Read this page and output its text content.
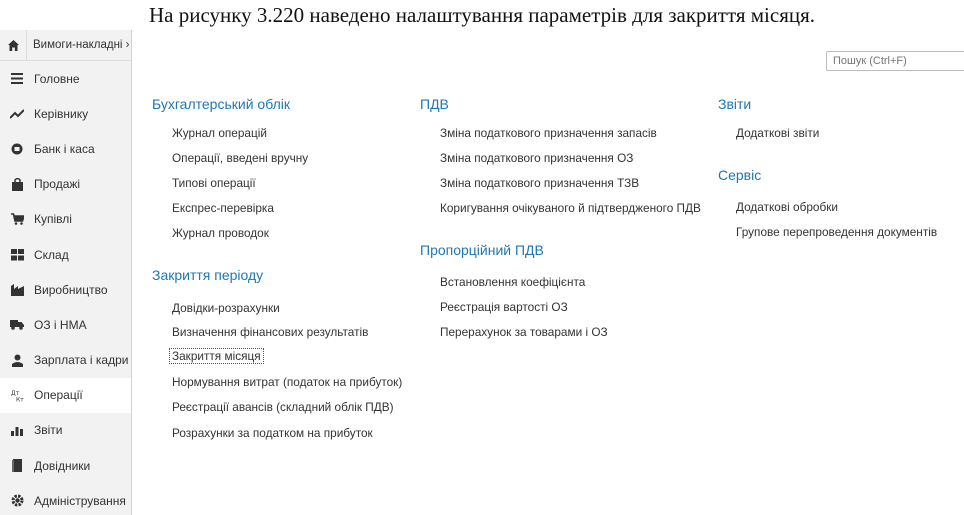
На рисунку 3.220 наведено налаштування параметрів для закриття місяця.
Вимоги-накладні ›
Головне
Керівнику
Банк і каса
Продажі
Купівлі
Склад
Виробництво
ОЗ і НМА
Зарплата і кадри
Дт
Кт Операції
Звіти
Довідники
Адміністрування
Пошук (Ctrl+F)
Бухгалтерський облік
Журнал операцій
Операції, введені вручну
Типові операції
Експрес-перевірка
Журнал проводок
Закриття періоду
Довідки-розрахунки
Визначення фінансових результатів
Закриття місяця
Нормування витрат (податок на прибуток)
Реєстрації авансів (складний облік ПДВ)
Розрахунки за податком на прибуток
ПДВ
Зміна податкового призначення запасів
Зміна податкового призначення ОЗ
Зміна податкового призначення ТЗВ
Коригування очікуваного й підтвердженого ПДВ
Пропорційний ПДВ
Встановлення коефіцієнта
Реєстрація вартості ОЗ
Перерахунок за товарами і ОЗ
Звіти
Додаткові звіти
Сервіс
Додаткові обробки
Групове перепроведення документів
